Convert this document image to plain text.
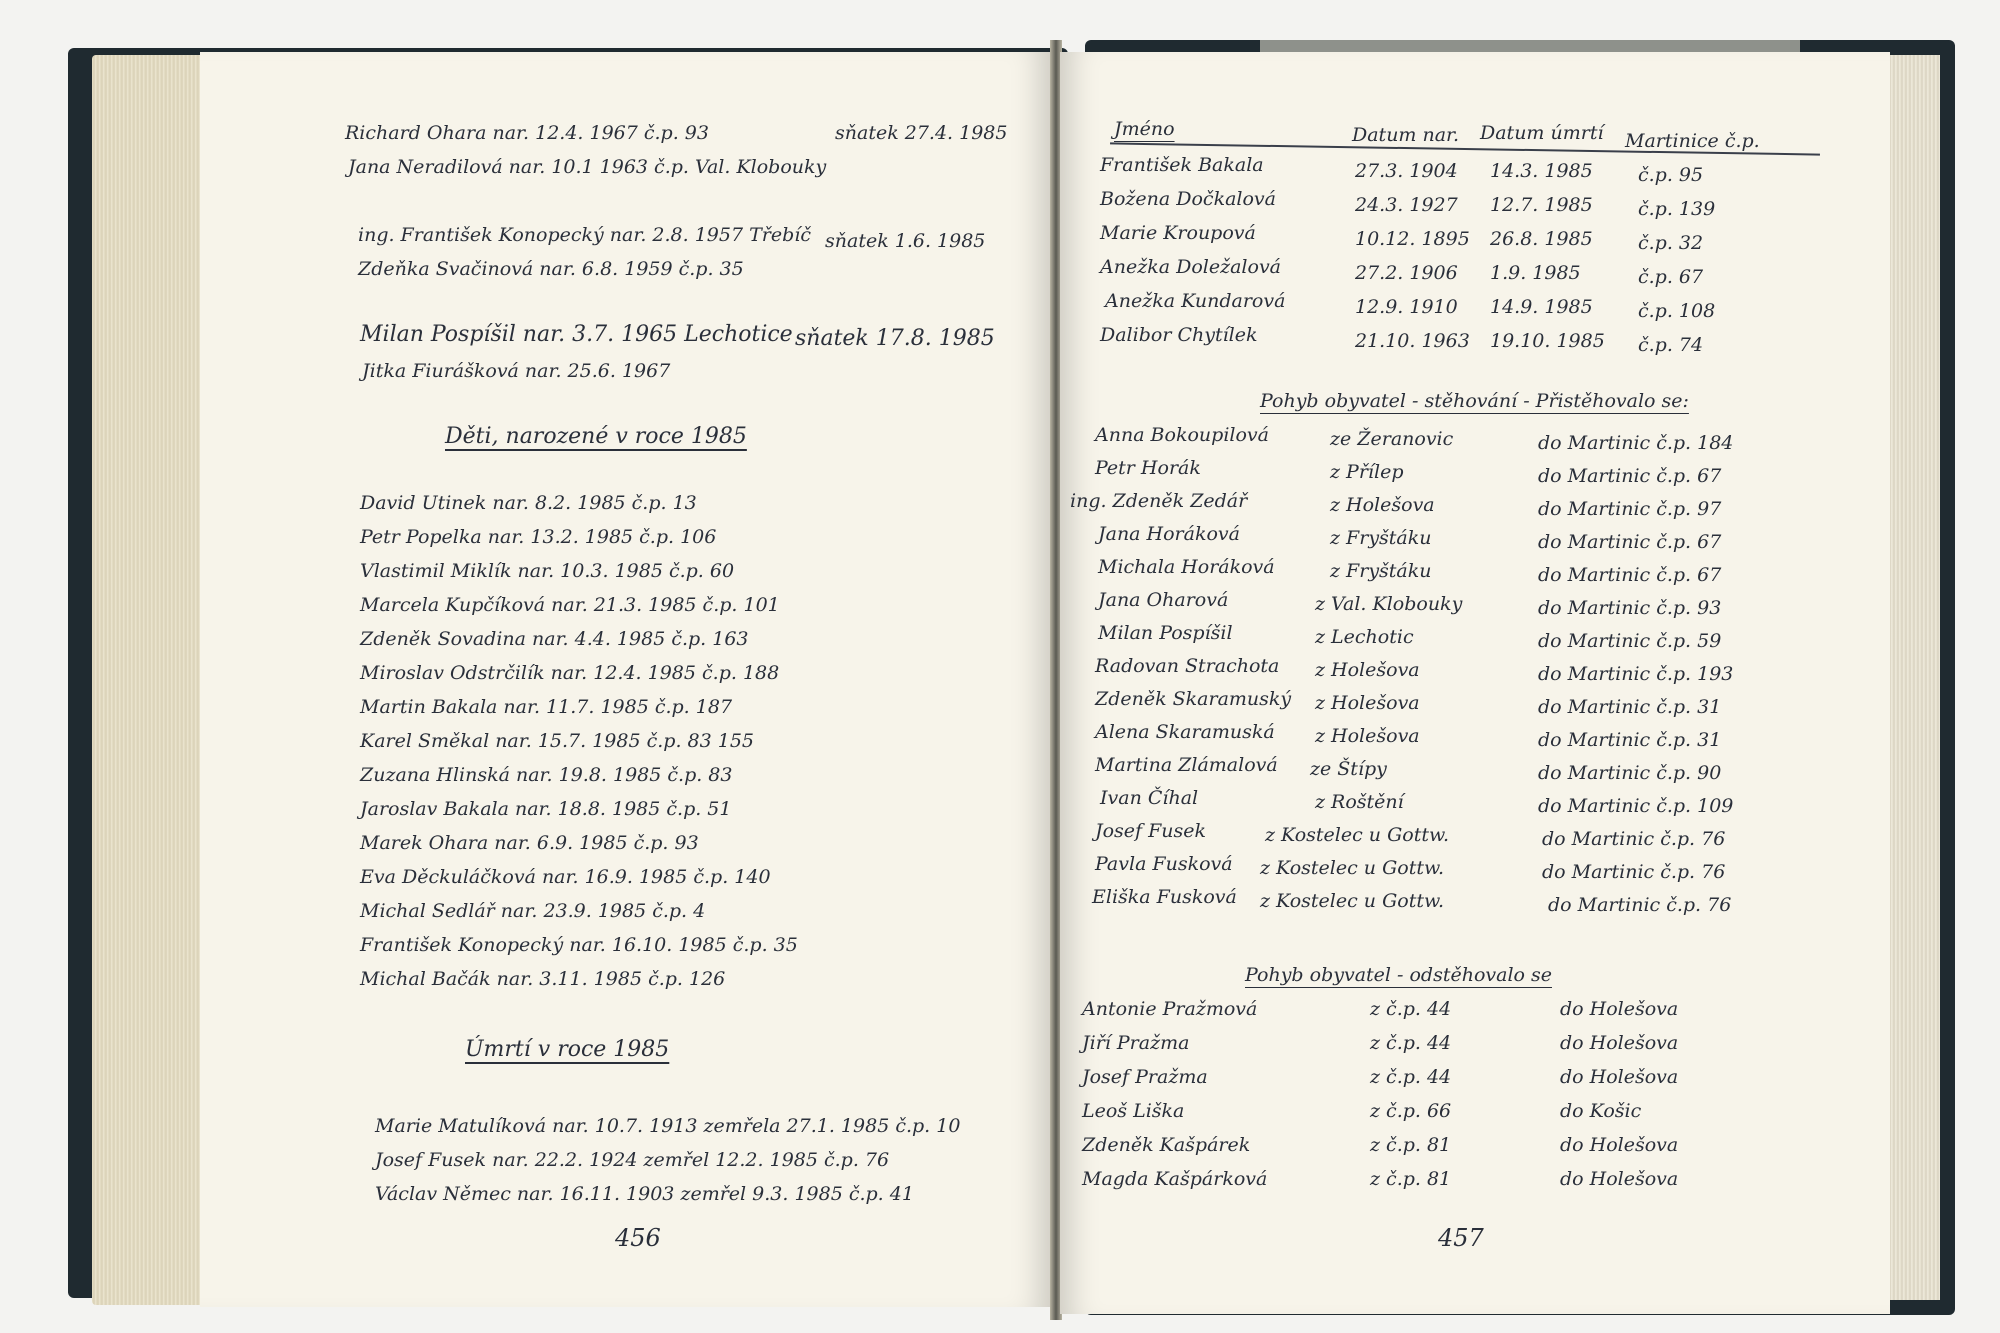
Richard Ohara nar. 12.4. 1967 č.p. 93	sňatek 27.4. 1985
Jana Neradilová nar. 10.1 1963 č.p. Val. Klobouky
ing. František Konopecký nar. 2.8. 1957 Třebíč sňatek 1.6. 1985
Zdeňka Svačinová nar. 6.8. 1959 č.p. 35
Milan Pospíšil nar. 3.7. 1965 Lechotice sňatek 17.8. 1985
Jitka Fiurášková nar. 25.6. 1967
Děti, narozené v roce 1985
David Utinek nar. 8.2. 1985 č.p. 13
Petr Popelka nar. 13.2. 1985 č.p. 106
Vlastimil Miklík nar. 10.3. 1985 č.p. 60
Marcela Kupčíková nar. 21.3. 1985 č.p. 101
Zdeněk Sovadina nar. 4.4. 1985 č.p. 163
Miroslav Odstrčilík nar. 12.4. 1985 č.p. 188
Martin Bakala nar. 11.7. 1985 č.p. 187
Karel Směkal nar. 15.7. 1985 č.p. 83 155
Zuzana Hlinská nar. 19.8. 1985 č.p. 83
Jaroslav Bakala nar. 18.8. 1985 č.p. 51
Marek Ohara nar. 6.9. 1985 č.p. 93
Eva Děckuláčková nar. 16.9. 1985 č.p. 140
Michal Sedlář nar. 23.9. 1985 č.p. 4
František Konopecký nar. 16.10. 1985 č.p. 35
Michal Bačák nar. 3.11. 1985 č.p. 126
Úmrtí v roce 1985
Marie Matulíková nar. 10.7. 1913 zemřela 27.1. 1985 č.p. 10
Josef Fusek nar. 22.2. 1924 zemřel 12.2. 1985 č.p. 76
Václav Němec nar. 16.11. 1903 zemřel 9.3. 1985 č.p. 41
456
Jméno	Datum nar. Datum úmrtí Martinice č.p.
František Bakala	27.3. 1904 14.3. 1985 č.p. 95
Božena Dočkalová	24.3. 1927 12.7. 1985 č.p. 139
Marie Kroupová	10.12. 1895 26.8. 1985 č.p. 32
Anežka Doležalová	27.2. 1906 1.9. 1985	č.p. 67
Anežka Kundarová	12.9. 1910 14.9. 1985 č.p. 108
Dalibor Chytílek	21.10. 1963 19.10. 1985 č.p. 74
Pohyb obyvatel - stěhování - Přistěhovalo se:
Anna Bokoupilová	ze Žeranovic	do Martinic č.p. 184
Petr Horák	z Přílep	do Martinic č.p. 67
ing. Zdeněk Zedář	z Holešova	do Martinic č.p. 97
Jana Horáková	z Fryštáku	do Martinic č.p. 67
Michala Horáková	z Fryštáku	do Martinic č.p. 67
Jana Oharová	z Val. Klobouky	do Martinic č.p. 93
Milan Pospíšil	z Lechotic	do Martinic č.p. 59
Radovan Strachota z Holešova	do Martinic č.p. 193
Zdeněk Skaramuský z Holešova	do Martinic č.p. 31
Alena Skaramuská z Holešova	do Martinic č.p. 31
Martina Zlámalová ze Štípy	do Martinic č.p. 90
Ivan Číhal	z Roštění	do Martinic č.p. 109
Josef Fusek	z Kostelec u Gottw.	do Martinic č.p. 76
Pavla Fusková z Kostelec u Gottw.	do Martinic č.p. 76
Eliška Fusková z Kostelec u Gottw.	do Martinic č.p. 76
Pohyb obyvatel - odstěhovalo se
Antonie Pražmová	z č.p. 44	do Holešova
Jiří Pražma	z č.p. 44	do Holešova
Josef Pražma	z č.p. 44	do Holešova
Leoš Liška	z č.p. 66	do Košic
Zdeněk Kašpárek	z č.p. 81	do Holešova
Magda Kašpárková	z č.p. 81	do Holešova
457
